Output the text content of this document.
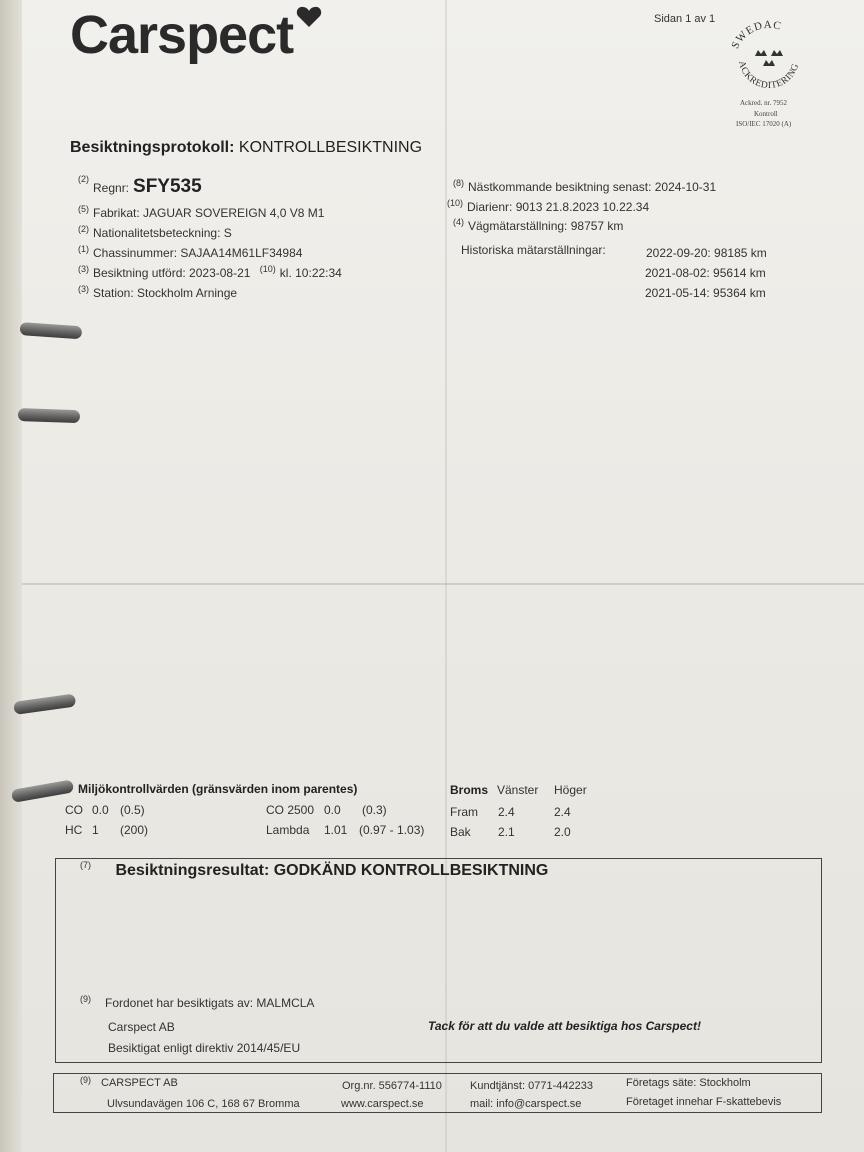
Carspect	Sidan 1 av 1
SWEDAC
ACKREDITERING
Ackred. nr. 7952
Kontroll
ISO/IEC 17020 (A)
Besiktningsprotokoll: KONTROLLBESIKTNING
$^{(2)}$Regnr: SFY535
$^{(5)}$ Fabrikat: JAGUAR SOVEREIGN 4,0 V8 M1
$^{(2)}$ Nationalitetsbeteckning: S
$^{(1)}$ Chassinummer: SAJAA14M61LF34984
$^{(3)}$ Besiktning utförd: 2023-08-21 $^{(10)}$ kl. 10:22:34
$^{(3)}$ Station: Stockholm Arninge
$^{(8)}$ Nästkommande besiktning senast: 2024-10-31
$^{(10)}$ Diarienr: 9013 21.8.2023 10.22.34
$^{(4)}$ Vägmätarställning: 98757 km
Historiska mätarställningar:	2022-09-20: 98185 km
2021-08-02: 95614 km
2021-05-14: 95364 km
Miljökontrollvärden (gränsvärden inom parentes)
CO 0.0 (0.5)
HC 1 (200)
CO 2500 0.0 (0.3)
Lambda 1.01 (0.97 - 1.03)
Broms Vänster Höger
Fram 2.4	2.4
Bak 2.1	2.0
$^{(7)}$ Besiktningsresultat: GODKÄND KONTROLLBESIKTNING
$^{(9)}$ Fordonet har besiktigats av: MALMCLA
Carspect AB
Besiktigat enligt direktiv 2014/45/EU
Tack för att du valde att besiktiga hos Carspect!
$^{(9)}$ CARSPECT AB
Ulvsundavägen 106 C, 168 67 Bromma
Org.nr. 556774-1110
www.carspect.se
Kundtjänst: 0771-442233
mail: info@carspect.se
Företags säte: Stockholm
Företaget innehar F-skattebevis
